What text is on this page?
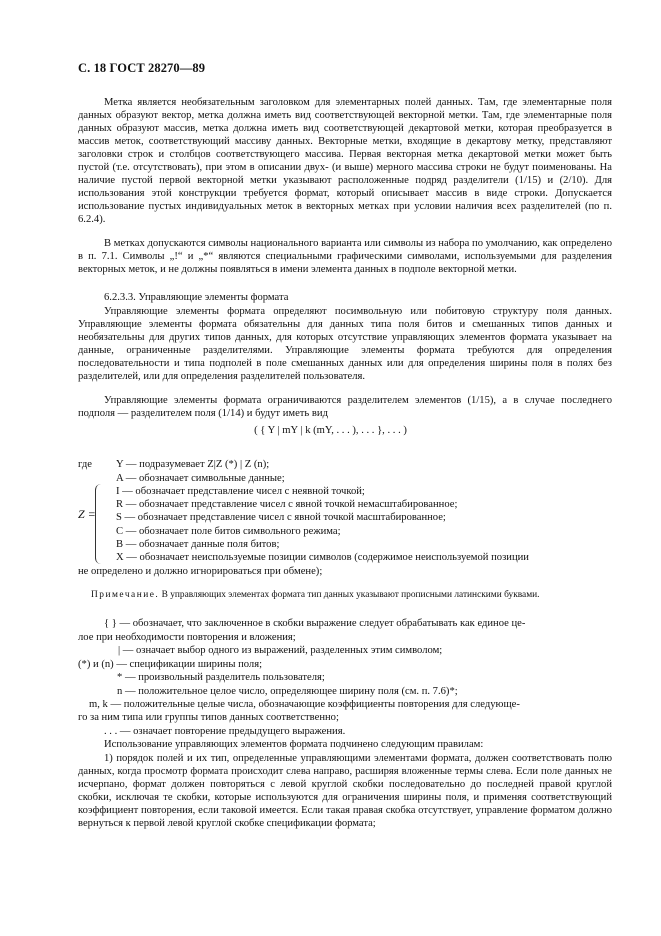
С. 18 ГОСТ 28270—89

Метка является необязательным заголовком для элементарных полей данных. Там, где элементарные поля данных образуют вектор, метка должна иметь вид соответствующей векторной метки. Там, где элементарные поля данных образуют массив, метка должна иметь вид соответствующей декартовой метки, которая преобразуется в массив меток, соответствующий массиву данных. Векторные метки, входящие в декартову метку, представляют заголовки строк и столбцов соответствующего массива. Первая векторная метка декартовой метки может быть пустой (т.е. отсутствовать), при этом в описании двух- (и выше) мерного массива строки не будут поименованы. На наличие пустой первой векторной метки указывают расположенные подряд разделители (1/15) и (2/10). Для использования этой конструкции требуется формат, который описывает массив в виде строки. Допускается использование пустых индивидуальных меток в векторных метках при условии наличия всех разделителей (по п. 6.2.4).

В метках допускаются символы национального варианта или символы из набора по умолчанию, как определено в п. 7.1. Символы „!“ и „*“ являются специальными графическими символами, используемыми для разделения векторных меток, и не должны появляться в имени элемента данных в подполе векторной метки.

6.2.3.3. Управляющие элементы формата

Управляющие элементы формата определяют посимвольную или побитовую структуру поля данных. Управляющие элементы формата обязательны для данных типа поля битов и смешанных типов данных и необязательны для других типов данных, для которых отсутствие управляющих элементов формата указывает на данные, ограниченные разделителями. Управляющие элементы формата требуются для определения последовательности и типа подполей в поле смешанных данных или для определения ширины поля в полях без разделителей, или для определения разделителей пользователя.

Управляющие элементы формата ограничиваются разделителем элементов (1/15), а в случае последнего подполя — разделителем поля (1/14) и будут иметь вид

( { Y | mY | k (mY, . . . ), . . . }, . . . )

где Y — подразумевает Z|Z (*) | Z (n);

Z =

A — обозначает символьные данные;

I — обозначает представление чисел с неявной точкой;

R — обозначает представление чисел с явной точкой немасштабированное;

S — обозначает представление чисел с явной точкой масштабированное;

C — обозначает поле битов символьного режима;

B — обозначает данные поля битов;

X — обозначает неиспользуемые позиции символов (содержимое неиспользуемой позиции

не определено и должно игнорироваться при обмене);

Примечание. В управляющих элементах формата тип данных указывают прописными латинскими буквами.

{ } — обозначает, что заключенное в скобки выражение следует обрабатывать как единое це-

лое при необходимости повторения и вложения;

| — означает выбор одного из выражений, разделенных этим символом;

(*) и (n) — спецификации ширины поля;

* — произвольный разделитель пользователя;

n — положительное целое число, определяющее ширину поля (см. п. 7.6)*;

m, k — положительные целые числа, обозначающие коэффициенты повторения для следующе-

го за ним типа или группы типов данных соответственно;

. . . — означает повторение предыдущего выражения.

Использование управляющих элементов формата подчинено следующим правилам:

1) порядок полей и их тип, определенные управляющими элементами формата, должен соответствовать полю данных, когда просмотр формата происходит слева направо, расширяя вложенные термы слева. Если поле данных не исчерпано, формат должен повторяться с левой круглой скобки последовательно до последней правой круглой скобки, исключая те скобки, которые используются для ограничения ширины поля, и применяя соответствующий коэффициент повторения, если таковой имеется. Если такая правая скобка отсутствует, управление форматом должно вернуться к первой левой круглой скобке спецификации формата;
